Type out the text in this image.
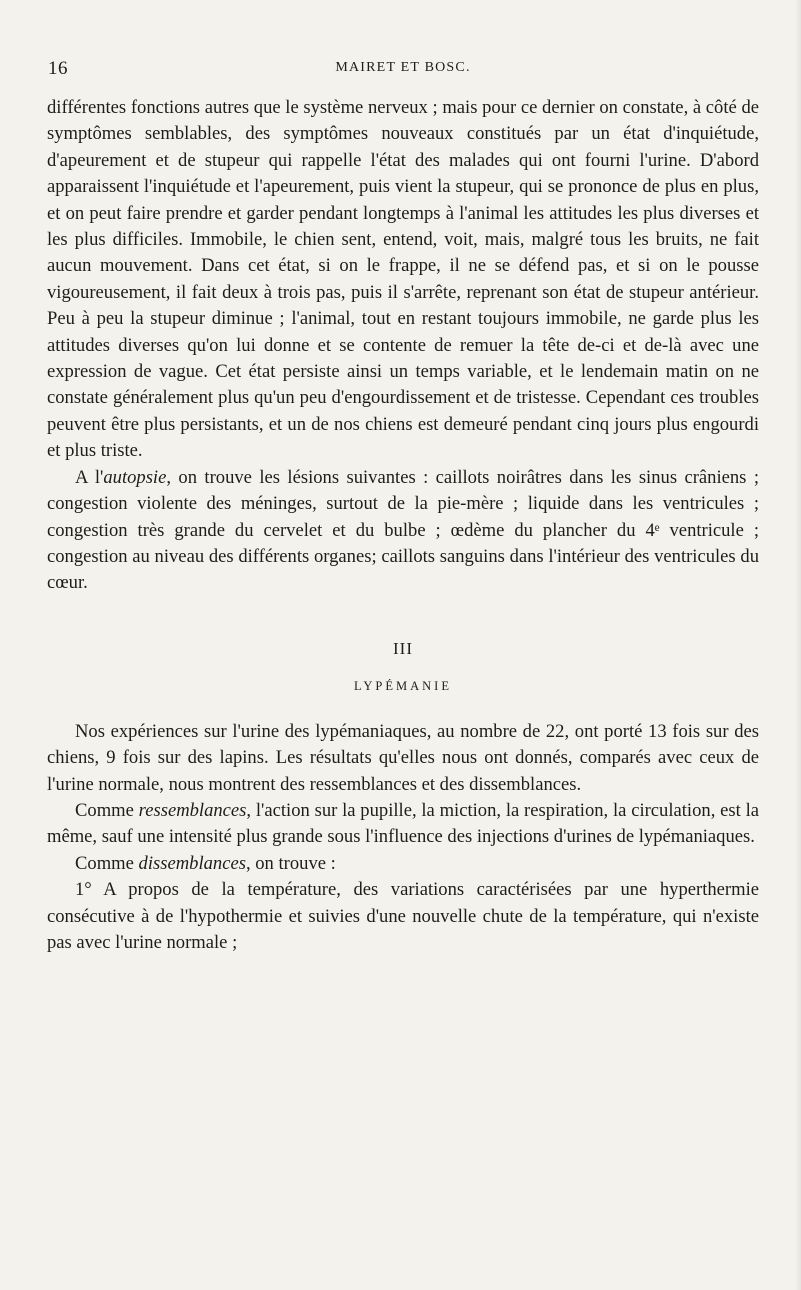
16	MAIRET ET BOSC.

différentes fonctions autres que le système nerveux ; mais pour ce dernier on constate, à côté de symptômes semblables, des symptômes nouveaux constitués par un état d'inquiétude, d'apeurement et de stupeur qui rappelle l'état des malades qui ont fourni l'urine. D'abord apparaissent l'inquiétude et l'apeurement, puis vient la stupeur, qui se prononce de plus en plus, et on peut faire prendre et garder pendant longtemps à l'animal les attitudes les plus diverses et les plus difficiles. Immobile, le chien sent, entend, voit, mais, malgré tous les bruits, ne fait aucun mouvement. Dans cet état, si on le frappe, il ne se défend pas, et si on le pousse vigoureusement, il fait deux à trois pas, puis il s'arrête, reprenant son état de stupeur antérieur. Peu à peu la stupeur diminue ; l'animal, tout en restant toujours immobile, ne garde plus les attitudes diverses qu'on lui donne et se contente de remuer la tête de-ci et de-là avec une expression de vague. Cet état persiste ainsi un temps variable, et le lendemain matin on ne constate généralement plus qu'un peu d'engourdissement et de tristesse. Cependant ces troubles peuvent être plus persistants, et un de nos chiens est demeuré pendant cinq jours plus engourdi et plus triste.

A l'autopsie, on trouve les lésions suivantes : caillots noirâtres dans les sinus crâniens ; congestion violente des méninges, surtout de la pie-mère ; liquide dans les ventricules ; congestion très grande du cervelet et du bulbe ; œdème du plancher du 4ᵉ ventricule ; congestion au niveau des différents organes; caillots sanguins dans l'intérieur des ventricules du cœur.

III
LYPÉMANIE

Nos expériences sur l'urine des lypémaniaques, au nombre de 22, ont porté 13 fois sur des chiens, 9 fois sur des lapins. Les résultats qu'elles nous ont donnés, comparés avec ceux de l'urine normale, nous montrent des ressemblances et des dissemblances.

Comme ressemblances, l'action sur la pupille, la miction, la respiration, la circulation, est la même, sauf une intensité plus grande sous l'influence des injections d'urines de lypémaniaques.

Comme dissemblances, on trouve :

1° A propos de la température, des variations caractérisées par une hyperthermie consécutive à de l'hypothermie et suivies d'une nouvelle chute de la température, qui n'existe pas avec l'urine normale ;
